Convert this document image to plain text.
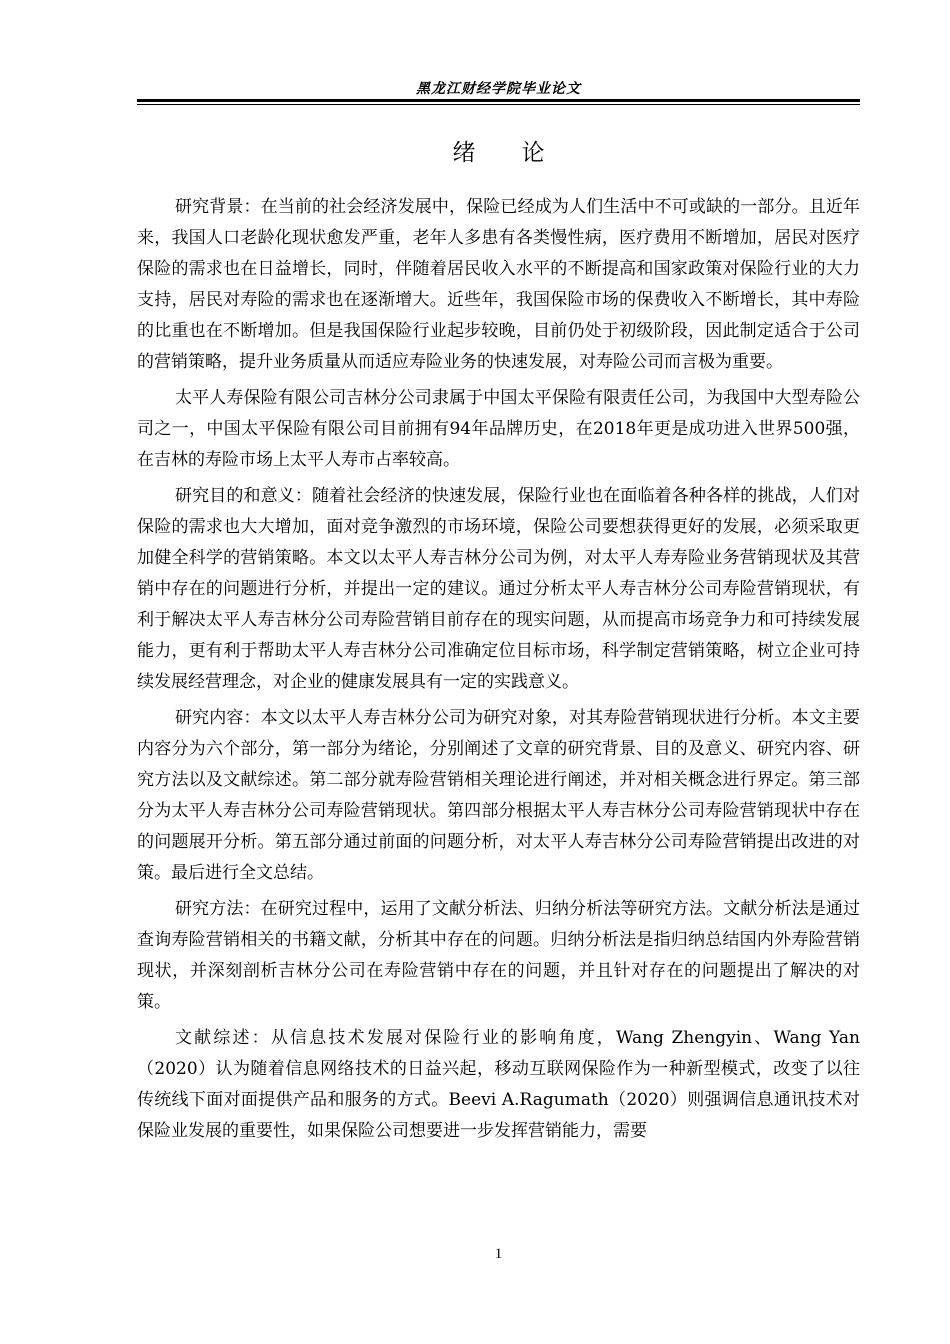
黑龙江财经学院毕业论文
绪论

研究背景：在当前的社会经济发展中，保险已经成为人们生活中不可或缺的一部分。且近年来，我国人口老龄化现状愈发严重，老年人多患有各类慢性病，医疗费用不断增加，居民对医疗保险的需求也在日益增长，同时，伴随着居民收入水平的不断提高和国家政策对保险行业的大力支持，居民对寿险的需求也在逐渐增大。近些年，我国保险市场的保费收入不断增长，其中寿险的比重也在不断增加。但是我国保险行业起步较晚，目前仍处于初级阶段，因此制定适合于公司的营销策略，提升业务质量从而适应寿险业务的快速发展，对寿险公司而言极为重要。

太平人寿保险有限公司吉林分公司隶属于中国太平保险有限责任公司，为我国中大型寿险公司之一，中国太平保险有限公司目前拥有94年品牌历史，在2018年更是成功进入世界500强，在吉林的寿险市场上太平人寿市占率较高。

研究目的和意义：随着社会经济的快速发展，保险行业也在面临着各种各样的挑战，人们对保险的需求也大大增加，面对竞争激烈的市场环境，保险公司要想获得更好的发展，必须采取更加健全科学的营销策略。本文以太平人寿吉林分公司为例，对太平人寿寿险业务营销现状及其营销中存在的问题进行分析，并提出一定的建议。通过分析太平人寿吉林分公司寿险营销现状，有利于解决太平人寿吉林分公司寿险营销目前存在的现实问题，从而提高市场竞争力和可持续发展能力，更有利于帮助太平人寿吉林分公司准确定位目标市场，科学制定营销策略，树立企业可持续发展经营理念，对企业的健康发展具有一定的实践意义。

研究内容：本文以太平人寿吉林分公司为研究对象，对其寿险营销现状进行分析。本文主要内容分为六个部分，第一部分为绪论，分别阐述了文章的研究背景、目的及意义、研究内容、研究方法以及文献综述。第二部分就寿险营销相关理论进行阐述，并对相关概念进行界定。第三部分为太平人寿吉林分公司寿险营销现状。第四部分根据太平人寿吉林分公司寿险营销现状中存在的问题展开分析。第五部分通过前面的问题分析，对太平人寿吉林分公司寿险营销提出改进的对策。最后进行全文总结。

研究方法：在研究过程中，运用了文献分析法、归纳分析法等研究方法。文献分析法是通过查询寿险营销相关的书籍文献，分析其中存在的问题。归纳分析法是指归纳总结国内外寿险营销现状，并深刻剖析吉林分公司在寿险营销中存在的问题，并且针对存在的问题提出了解决的对策。

文献综述：从信息技术发展对保险行业的影响角度，Wang Zhengyin、Wang Yan（2020）认为随着信息网络技术的日益兴起，移动互联网保险作为一种新型模式，改变了以往传统线下面对面提供产品和服务的方式。Beevi A.Ragumath（2020）则强调信息通讯技术对保险业发展的重要性，如果保险公司想要进一步发挥营销能力，需要

1
